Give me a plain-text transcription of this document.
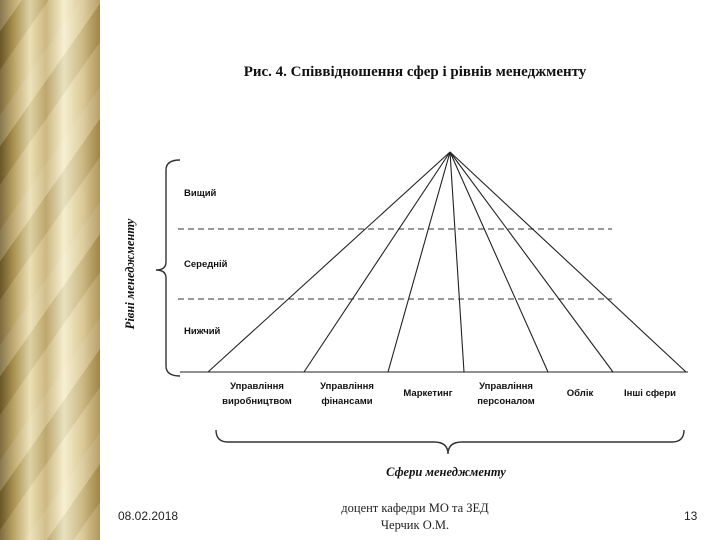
Рис. 4. Співвідношення сфер і рівнів менеджменту
Рівні менеджменту
Вищий
Середній
Нижчий
Управління
виробництвом
Управління
фінансами
Маркетинг
Управління
персоналом
Облік	Інші сфери
Сфери менеджменту
08.02.2018
доцент кафедри МО та ЗЕД
Черчик О.М.
13
